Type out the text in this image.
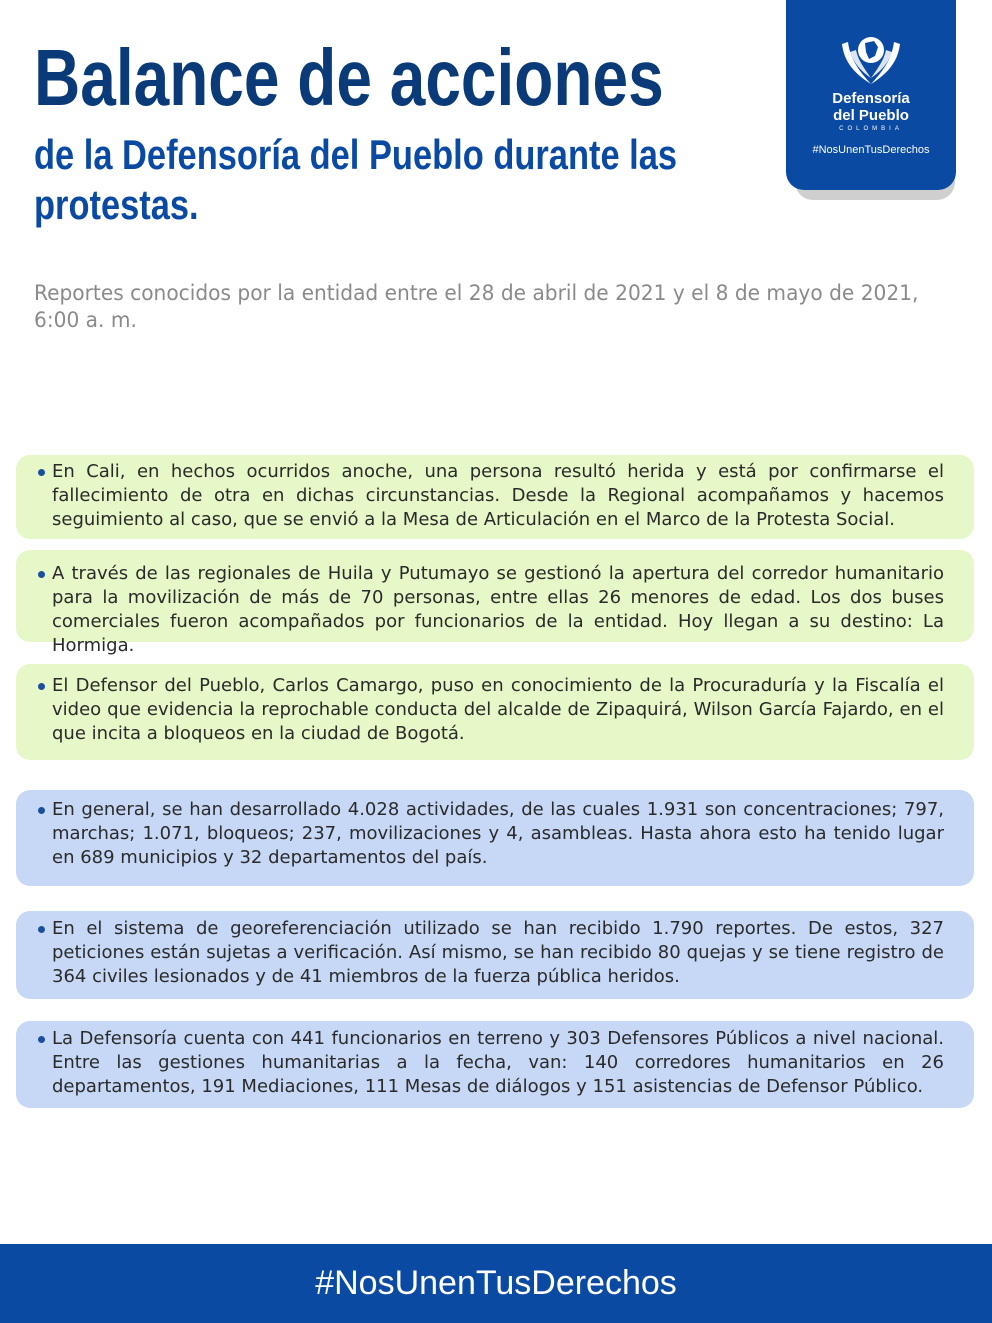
Balance de acciones
de la Defensoría del Pueblo durante las protestas.
Reportes conocidos por la entidad entre el 28 de abril de 2021 y el 8 de mayo de 2021, 6:00 a. m.
Defensoría
del Pueblo
COLOMBIA
#NosUnenTusDerechos
En Cali, en hechos ocurridos anoche, una persona resultó herida y está por confirmarse el fallecimiento de otra en dichas circunstancias. Desde la Regional acompañamos y hacemos seguimiento al caso, que se envió a la Mesa de Articulación en el Marco de la Protesta Social.
A través de las regionales de Huila y Putumayo se gestionó la apertura del corredor humanitario para la movilización de más de 70 personas, entre ellas 26 menores de edad. Los dos buses comerciales fueron acompañados por funcionarios de la entidad. Hoy llegan a su destino: La Hormiga.
El Defensor del Pueblo, Carlos Camargo, puso en conocimiento de la Procuraduría y la Fiscalía el video que evidencia la reprochable conducta del alcalde de Zipaquirá, Wilson García Fajardo, en el que incita a bloqueos en la ciudad de Bogotá.
En general, se han desarrollado 4.028 actividades, de las cuales 1.931 son concentraciones; 797, marchas; 1.071, bloqueos; 237, movilizaciones y 4, asambleas. Hasta ahora esto ha tenido lugar en 689 municipios y 32 departamentos del país.
En el sistema de georeferenciación utilizado se han recibido 1.790 reportes. De estos, 327 peticiones están sujetas a verificación. Así mismo, se han recibido 80 quejas y se tiene registro de 364 civiles lesionados y de 41 miembros de la fuerza pública heridos.
La Defensoría cuenta con 441 funcionarios en terreno y 303 Defensores Públicos a nivel nacional. Entre las gestiones humanitarias a la fecha, van: 140 corredores humanitarios en 26 departamentos, 191 Mediaciones, 111 Mesas de diálogos y 151 asistencias de Defensor Público.
#NosUnenTusDerechos
